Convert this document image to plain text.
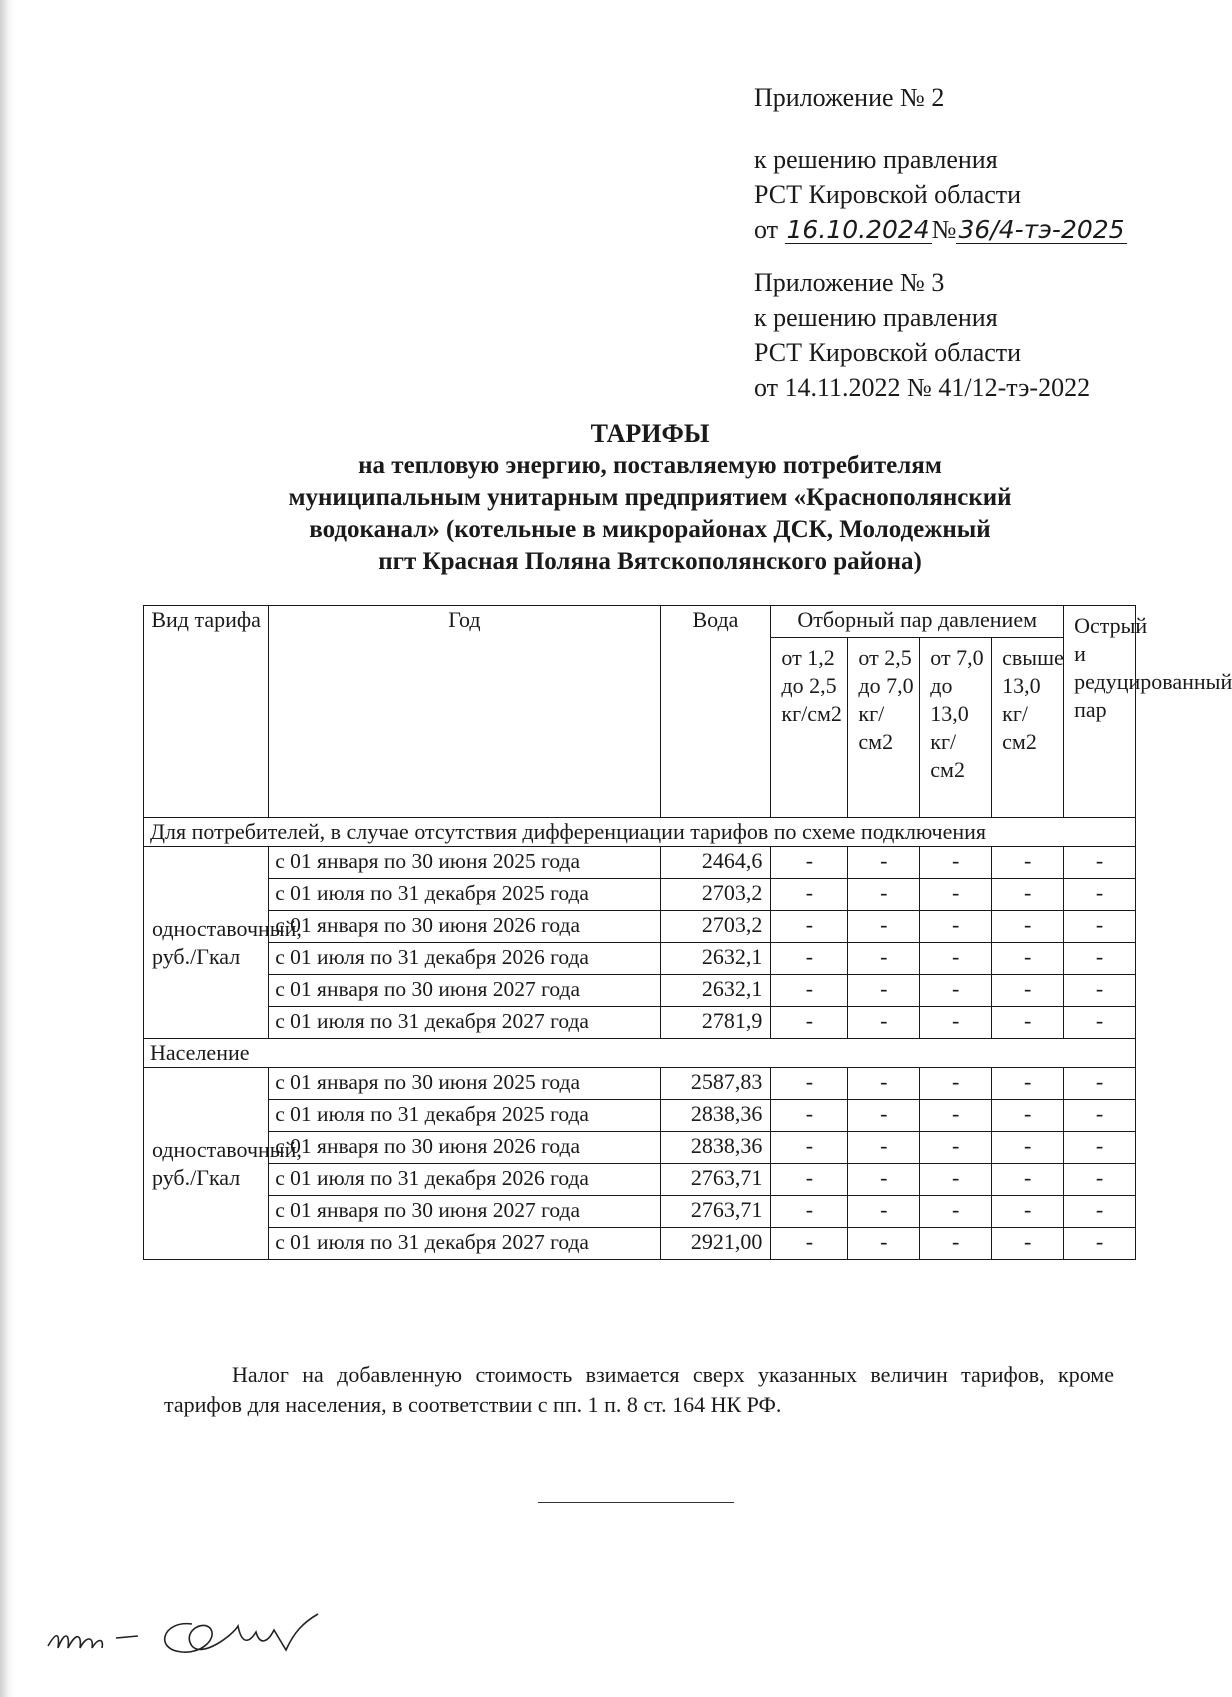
Приложение № 2
к решению правления
РСТ Кировской области
от 16.10.2024№36/4-тэ-2025
Приложение № 3
к решению правления
РСТ Кировской области
от 14.11.2022 № 41/12-тэ-2022
ТАРИФЫ
на тепловую энергию, поставляемую потребителям
муниципальным унитарным предприятием «Краснополянский
водоканал» (котельные в микрорайонах ДСК, Молодежный
пгт Красная Поляна Вятскополянского района)
Вид тарифа	Год	Вода	Отборный пар давлением				Острый и редуцированный пар
			от 1,2 до 2,5 кг/см2	от 2,5 до 7,0 кг/см2	от 7,0 до 13,0 кг/см2	свыше 13,0 кг/см2	
Для потребителей, в случае отсутствия дифференциации тарифов по схеме подключения							
одноставочный, руб./Гкал	с 01 января по 30 июня 2025 года	2464,6	-	-	-	-	-
	с 01 июля по 31 декабря 2025 года	2703,2	-	-	-	-	-
	с 01 января по 30 июня 2026 года	2703,2	-	-	-	-	-
	с 01 июля по 31 декабря 2026 года	2632,1	-	-	-	-	-
	с 01 января по 30 июня 2027 года	2632,1	-	-	-	-	-
	с 01 июля по 31 декабря 2027 года	2781,9	-	-	-	-	-
Население							
одноставочный, руб./Гкал	с 01 января по 30 июня 2025 года	2587,83	-	-	-	-	-
	с 01 июля по 31 декабря 2025 года	2838,36	-	-	-	-	-
	с 01 января по 30 июня 2026 года	2838,36	-	-	-	-	-
	с 01 июля по 31 декабря 2026 года	2763,71	-	-	-	-	-
	с 01 января по 30 июня 2027 года	2763,71	-	-	-	-	-
	с 01 июля по 31 декабря 2027 года	2921,00	-	-	-	-	-
Налог на добавленную стоимость взимается сверх указанных величин тарифов, кроме тарифов для населения, в соответствии с пп. 1 п. 8 ст. 164 НК РФ.
